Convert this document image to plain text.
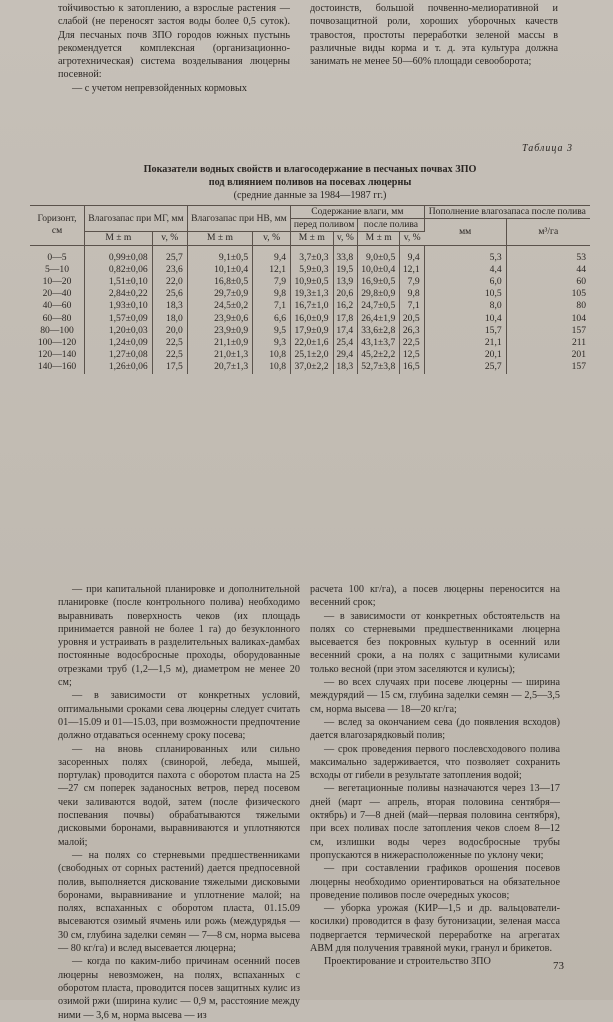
тойчивостью к затоплению, а взрослые растения — слабой (не переносят застоя воды более 0,5 суток). Для песчаных почв ЗПО городов южных пустынь рекомендуется комплексная (организационно-агротехническая) система возделывания люцерны посевной:

— с учетом непревзойденных кормовых

достоинств, большой почвенно-мелиоративной и почвозащитной роли, хороших уборочных качеств травостоя, простоты переработки зеленой массы в различные виды корма и т. д. эта культура должна занимать не менее 50—60% площади севооборота;

Таблица 3
Показатели водных свойств и влагосодержание в песчаных почвах ЗПО
под влиянием поливов на посевах люцерны
(средние данные за 1984—1987 гг.)
Горизонт, см	Влагозапас при МГ, мм		Влагозапас при НВ, мм		Содержание влаги, мм				Пополнение влагозапаса после полива	
					перед поливом		после полива		мм	м³/га
	M ± m	v, %	M ± m	v, %	M ± m	v, %	M ± m	v, %		
0—5	0,99±0,08	25,7	9,1±0,5	9,4	3,7±0,3	33,8	9,0±0,5	9,4	5,3	53
5—10	0,82±0,06	23,6	10,1±0,4	12,1	5,9±0,3	19,5	10,0±0,4	12,1	4,4	44
10—20	1,51±0,10	22,0	16,8±0,5	7,9	10,9±0,5	13,9	16,9±0,5	7,9	6,0	60
20—40	2,84±0,22	25,6	29,7±0,9	9,8	19,3±1,3	20,6	29,8±0,9	9,8	10,5	105
40—60	1,93±0,10	18,3	24,5±0,2	7,1	16,7±1,0	16,2	24,7±0,5	7,1	8,0	80
60—80	1,57±0,09	18,0	23,9±0,6	6,6	16,0±0,9	17,8	26,4±1,9	20,5	10,4	104
80—100	1,20±0,03	20,0	23,9±0,9	9,5	17,9±0,9	17,4	33,6±2,8	26,3	15,7	157
100—120	1,24±0,09	22,5	21,1±0,9	9,3	22,0±1,6	25,4	43,1±3,7	22,5	21,1	211
120—140	1,27±0,08	22,5	21,0±1,3	10,8	25,1±2,0	29,4	45,2±2,2	12,5	20,1	201
140—160	1,26±0,06	17,5	20,7±1,3	10,8	37,0±2,2	18,3	52,7±3,8	16,5	25,7	157

— при капитальной планировке и дополнительной планировке (после контрольного полива) необходимо выравнивать поверхность чеков (их площадь принимается равной не более 1 га) до безуклонного уровня и устраивать в разделительных валиках-дамбах постоянные водосбросные проходы, оборудованные отрезками труб (1,2—1,5 м), диаметром не менее 20 см;

— в зависимости от конкретных условий, оптимальными сроками сева люцерны следует считать 01—15.09 и 01—15.03, при возможности предпочтение должно отдаваться осеннему сроку посева;

— на вновь спланированных или сильно засоренных полях (свинорой, лебеда, мышей, портулак) проводится пахота с оборотом пласта на 25—27 см поперек заданосных ветров, перед посевом чеки заливаются водой, затем (после физического поспевания почвы) обрабатываются тяжелыми дисковыми боронами, выравниваются и уплотняются малой;

— на полях со стерневыми предшественниками (свободных от сорных растений) дается предпосевной полив, выполняется дискование тяжелыми дисковыми боронами, выравнивание и уплотнение малой; на полях, вспаханных с оборотом пласта, 01.15.09 высеваются озимый ячмень или рожь (междурядья — 30 см, глубина заделки семян — 7—8 см, норма высева — 80 кг/га) и вслед высевается люцерна;

— когда по каким-либо причинам осенний посев люцерны невозможен, на полях, вспаханных с оборотом пласта, проводится посев защитных кулис из озимой ржи (ширина кулис — 0,9 м, расстояние между ними — 3,6 м, норма высева — из

расчета 100 кг/га), а посев люцерны переносится на весенний срок;

— в зависимости от конкретных обстоятельств на полях со стерневыми предшественниками люцерна высевается без покровных культур в осенний или весенний сроки, а на полях с защитными кулисами только весной (при этом заселяются и кулисы);

— во всех случаях при посеве люцерны — ширина междурядий — 15 см, глубина заделки семян — 2,5—3,5 см, норма высева — 18—20 кг/га;

— вслед за окончанием сева (до появления всходов) дается влагозарядковый полив;

— срок проведения первого послевсходового полива максимально задерживается, что позволяет сохранить всходы от гибели в результате затопления водой;

— вегетационные поливы назначаются через 13—17 дней (март — апрель, вторая половина сентября—октябрь) и 7—8 дней (май—первая половина сентября), при всех поливах после затопления чеков слоем 8—12 см, излишки воды через водосбросные трубы пропускаются в нижерасположенные по уклону чеки;

— при составлении графиков орошения посевов люцерны необходимо ориентироваться на обязательное проведение поливов после очередных укосов;

— уборка урожая (КИР—1,5 и др. вальцователи-косилки) проводится в фазу бутонизации, зеленая масса подвергается термической переработке на агрегатах АВМ для получения травяной муки, гранул и брикетов.

Проектирование и строительство ЗПО	73
